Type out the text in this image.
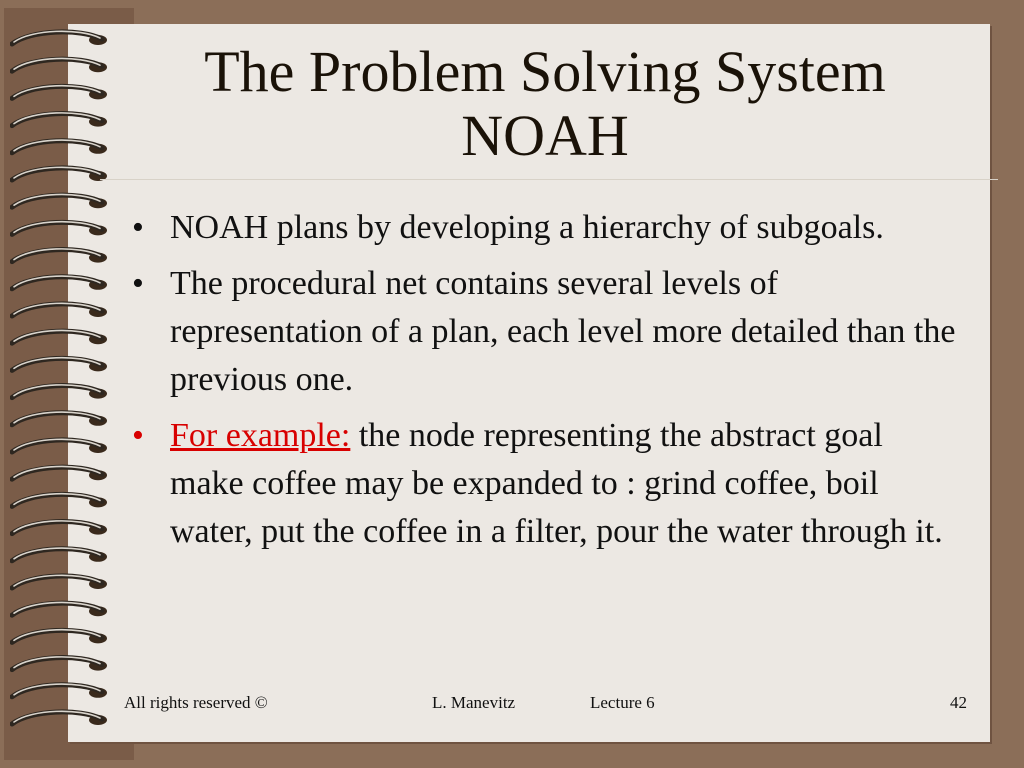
The Problem Solving System
NOAH
• NOAH plans by developing a hierarchy of subgoals.
• The procedural net contains several levels of representation of a plan, each level more detailed than the previous one.
• For example: the node representing the abstract goal make coffee may be expanded to : grind coffee, boil water, put the coffee in a filter, pour the water through it.
All rights reserved ©	L. Manevitz	Lecture 6	42
